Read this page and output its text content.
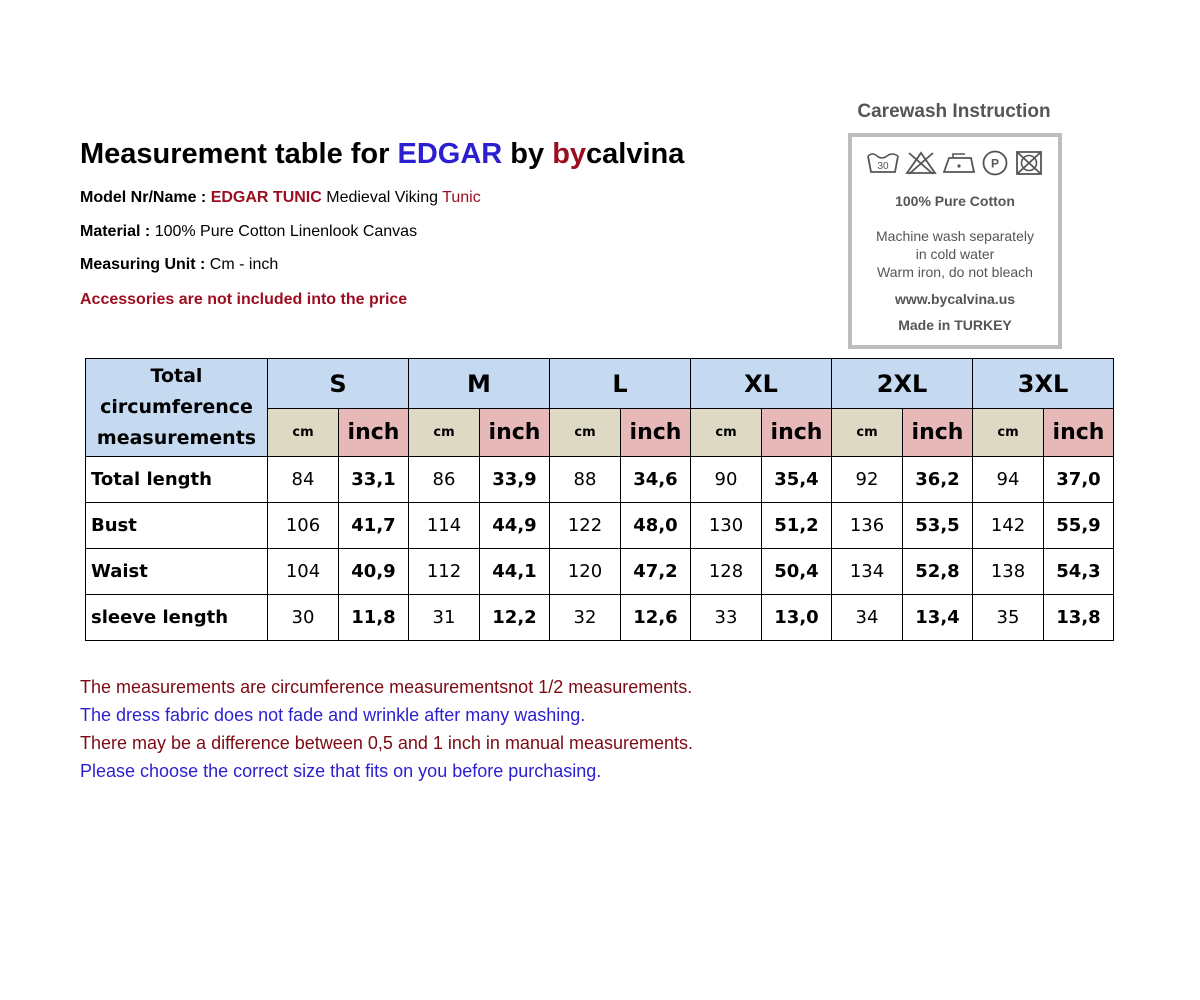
Measurement table for EDGAR by bycalvina
Model Nr/Name : EDGAR TUNIC Medieval Viking Tunic
Material : 100% Pure Cotton Linenlook Canvas
Measuring Unit : Cm - inch
Accessories are not included into the price
Carewash Instruction
30
	P

100% Pure Cotton
Machine wash separately
in cold water
Warm iron, do not bleach
www.bycalvina.us
Made in TURKEY
Total
circumference
measurements	S		M		L		XL		2XL		3XL	
	cm	inch	cm	inch	cm	inch	cm	inch	cm	inch	cm	inch
Total length	84	33,1	86	33,9	88	34,6	90	35,4	92	36,2	94	37,0
Bust	106	41,7	114	44,9	122	48,0	130	51,2	136	53,5	142	55,9
Waist	104	40,9	112	44,1	120	47,2	128	50,4	134	52,8	138	54,3
sleeve length	30	11,8	31	12,2	32	12,6	33	13,0	34	13,4	35	13,8
The measurements are circumference measurementsnot 1/2 measurements.
The dress fabric does not fade and wrinkle after many washing.
There may be a difference between 0,5 and 1 inch in manual measurements.
Please choose the correct size that fits on you before purchasing.
